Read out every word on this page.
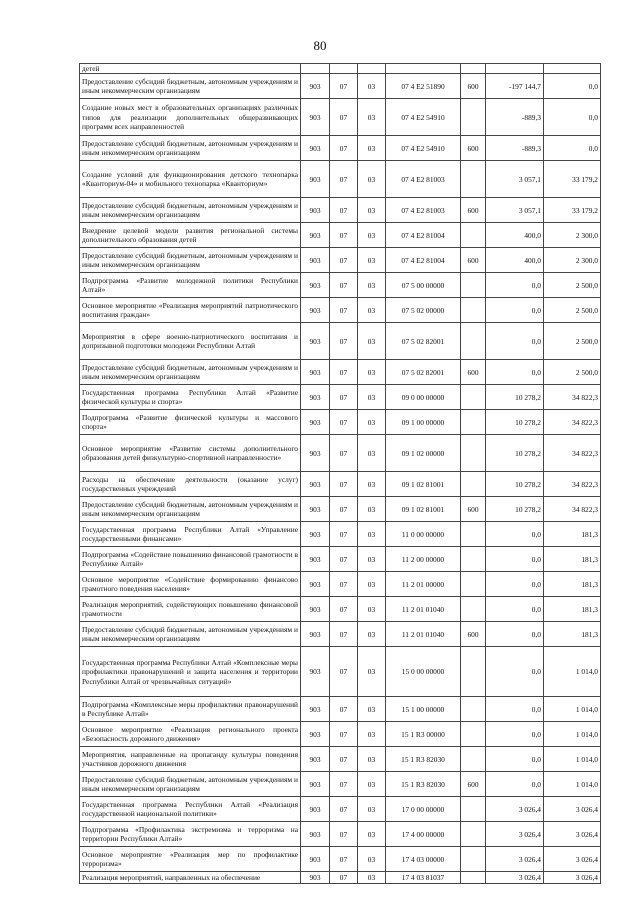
80
детей							
Предоставление субсидий бюджетным, автономным учреждениям и иным некоммерческим организациям	903	07	03	07 4 E2 51890	600	-197 144,7	0,0
Создание новых мест в образовательных организациях различных типов для реализации дополнительных общеразвивающих программ всех направленностей	903	07	03	07 4 E2 54910		-889,3	0,0
Предоставление субсидий бюджетным, автономным учреждениям и иным некоммерческим организациям	903	07	03	07 4 E2 54910	600	-889,3	0,0
Создание условий для функционирования детского технопарка «Кванториум-04» и мобильного технопарка «Кванториум»	903	07	03	07 4 E2 81003		3 057,1	33 179,2
Предоставление субсидий бюджетным, автономным учреждениям и иным некоммерческим организациям	903	07	03	07 4 E2 81003	600	3 057,1	33 179,2
Внедрение целевой модели развития региональной системы дополнительного образования детей	903	07	03	07 4 E2 81004		400,0	2 300,0
Предоставление субсидий бюджетным, автономным учреждениям и иным некоммерческим организациям	903	07	03	07 4 E2 81004	600	400,0	2 300,0
Подпрограмма «Развитие молодежной политики Республики Алтай»	903	07	03	07 5 00 00000		0,0	2 500,0
Основное мероприятие «Реализация мероприятий патриотического воспитания граждан»	903	07	03	07 5 02 00000		0,0	2 500,0
Мероприятия в сфере военно-патриотического воспитания и допризывной подготовки молодежи Республики Алтай	903	07	03	07 5 02 82001		0,0	2 500,0
Предоставление субсидий бюджетным, автономным учреждениям и иным некоммерческим организациям	903	07	03	07 5 02 82001	600	0,0	2 500,0
Государственная программа Республики Алтай «Развитие физической культуры и спорта»	903	07	03	09 0 00 00000		10 278,2	34 822,3
Подпрограмма «Развитие физической культуры и массового спорта»	903	07	03	09 1 00 00000		10 278,2	34 822,3
Основное мероприятие «Развитие системы дополнительного образования детей физкультурно-спортивной направленности»	903	07	03	09 1 02 00000		10 278,2	34 822,3
Расходы на обеспечение деятельности (оказание услуг) государственных учреждений	903	07	03	09 1 02 81001		10 278,2	34 822,3
Предоставление субсидий бюджетным, автономным учреждениям и иным некоммерческим организациям	903	07	03	09 1 02 81001	600	10 278,2	34 822,3
Государственная программа Республики Алтай «Управление государственными финансами»	903	07	03	11 0 00 00000		0,0	181,3
Подпрограмма «Содействие повышению финансовой грамотности в Республике Алтай»	903	07	03	11 2 00 00000		0,0	181,3
Основное мероприятие «Содействие формированию финансово грамотного поведения населения»	903	07	03	11 2 01 00000		0,0	181,3
Реализация мероприятий, содействующих повышению финансовой грамотности	903	07	03	11 2 01 01040		0,0	181,3
Предоставление субсидий бюджетным, автономным учреждениям и иным некоммерческим организациям	903	07	03	11 2 01 01040	600	0,0	181,3
Государственная программа Республики Алтай «Комплексные меры профилактики правонарушений и защита населения и территории Республики Алтай от чрезвычайных ситуаций»	903	07	03	15 0 00 00000		0,0	1 014,0
Подпрограмма «Комплексные меры профилактики правонарушений в Республике Алтай»	903	07	03	15 1 00 00000		0,0	1 014,0
Основное мероприятие «Реализация регионального проекта «Безопасность дорожного движения»	903	07	03	15 1 R3 00000		0,0	1 014,0
Мероприятия, направленные на пропаганду культуры поведения участников дорожного движения	903	07	03	15 1 R3 82030		0,0	1 014,0
Предоставление субсидий бюджетным, автономным учреждениям и иным некоммерческим организациям	903	07	03	15 1 R3 82030	600	0,0	1 014,0
Государственная программа Республики Алтай «Реализация государственной национальной политики»	903	07	03	17 0 00 00000		3 026,4	3 026,4
Подпрограмма «Профилактика экстремизма и терроризма на территории Республики Алтай»	903	07	03	17 4 00 00000		3 026,4	3 026,4
Основное мероприятие «Реализация мер по профилактике терроризма»	903	07	03	17 4 03 00000		3 026,4	3 026,4
Реализация мероприятий, направленных на обеспечение	903	07	03	17 4 03 81037		3 026,4	3 026,4
